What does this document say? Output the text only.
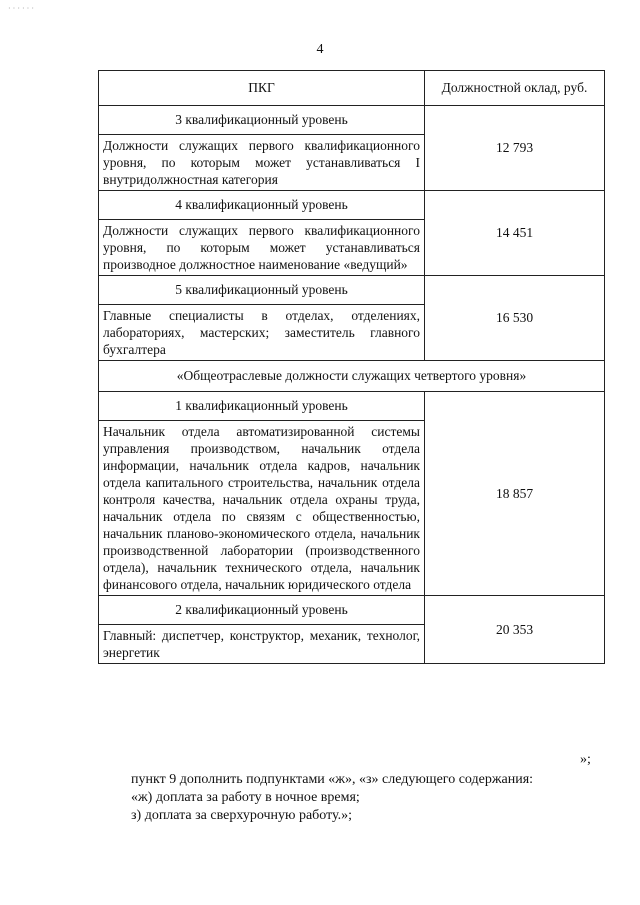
· · · · · ·
4
ПКГ	Должностной оклад, руб.
3 квалификационный уровень	12 793
Должности служащих первого квалификационного уровня, по которым может устанавливаться I внутридолжностная категория	
4 квалификационный уровень	14 451
Должности служащих первого квалификационного уровня, по которым может устанавливаться производное должностное наименование «ведущий»	
5 квалификационный уровень	16 530
Главные специалисты в отделах, отделениях, лабораториях, мастерских; заместитель главного бухгалтера	
«Общеотраслевые должности служащих четвертого уровня»	
1 квалификационный уровень	18 857
Начальник отдела автоматизированной системы управления производством, начальник отдела информации, начальник отдела кадров, начальник отдела капитального строительства, начальник отдела контроля качества, начальник отдела охраны труда, начальник отдела по связям с общественностью, начальник планово-экономического отдела, начальник производственной лаборатории (производственного отдела), начальник технического отдела, начальник финансового отдела, начальник юридического отдела	
2 квалификационный уровень	20 353
Главный: диспетчер, конструктор, механик, технолог, энергетик	
»;
пункт 9 дополнить подпунктами «ж», «з» следующего содержания:
«ж) доплата за работу в ночное время;
з) доплата за сверхурочную работу.»;
